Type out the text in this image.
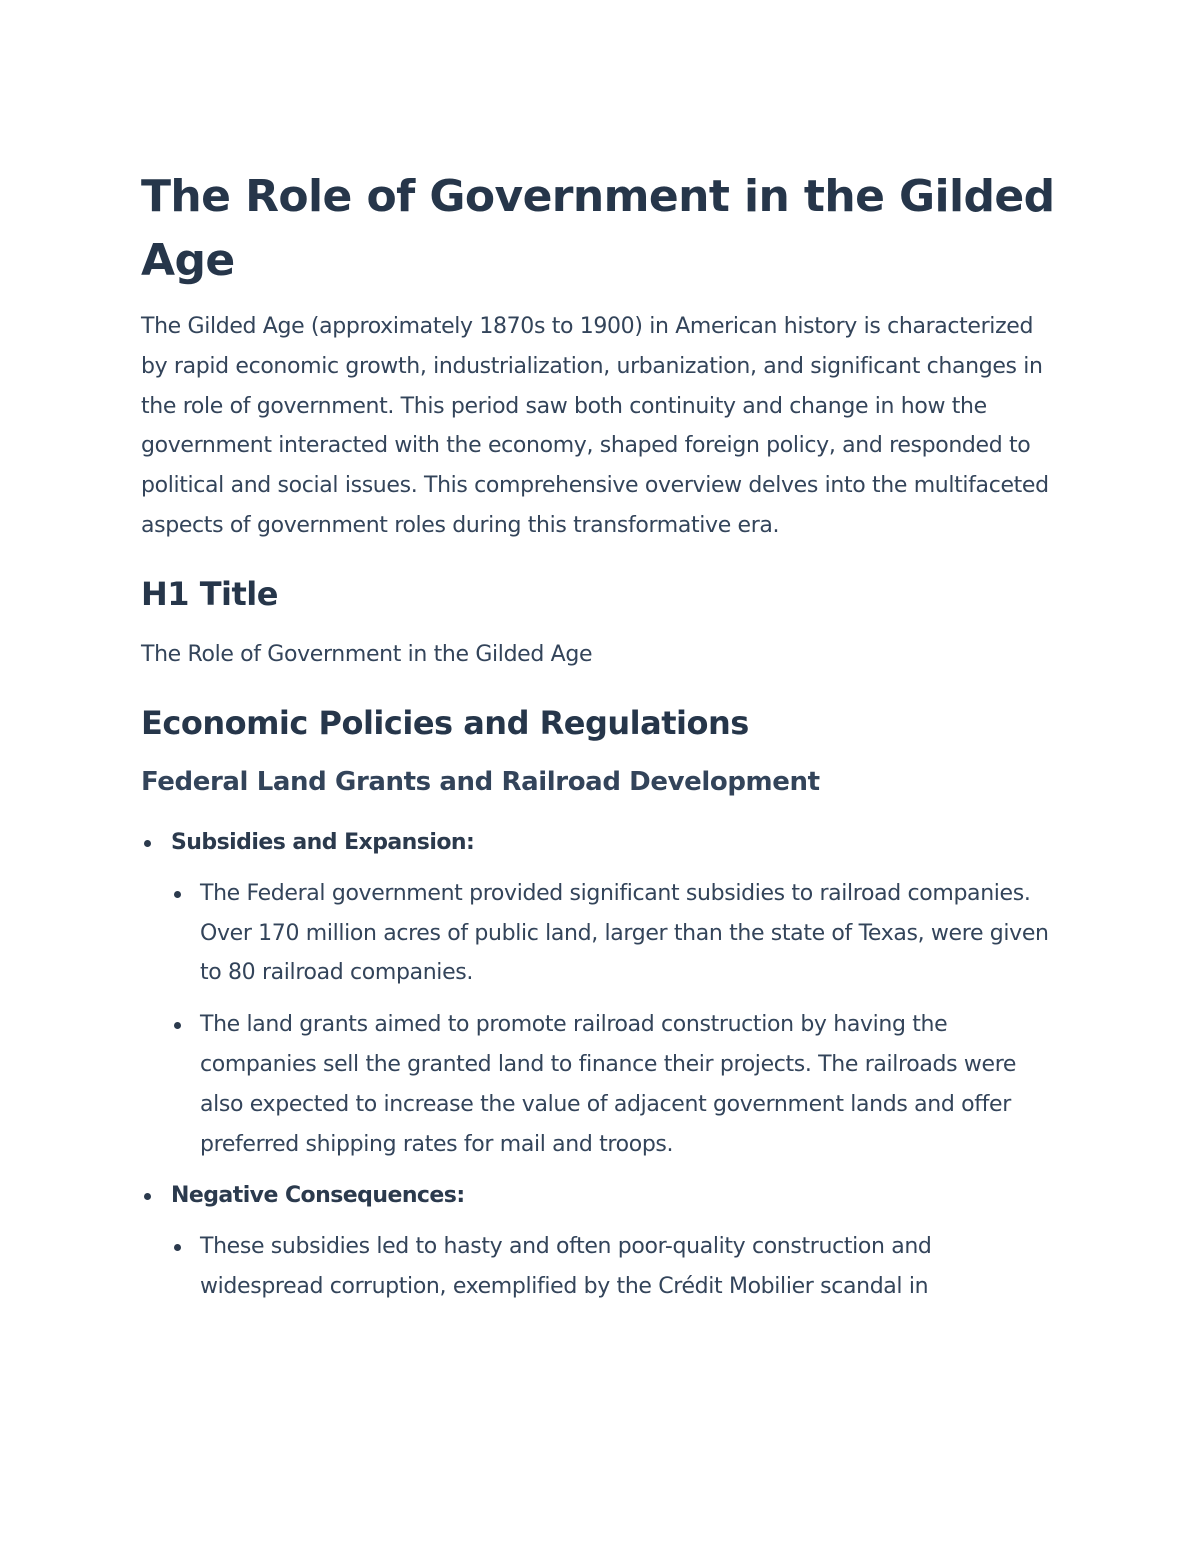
The Role of Government in the Gilded Age

The Gilded Age (approximately 1870s to 1900) in American history is characterized by rapid economic growth, industrialization, urbanization, and significant changes in the role of government. This period saw both continuity and change in how the government interacted with the economy, shaped foreign policy, and responded to political and social issues. This comprehensive overview delves into the multifaceted aspects of government roles during this transformative era.

H1 Title

The Role of Government in the Gilded Age

Economic Policies and Regulations
Federal Land Grants and Railroad Development
Subsidies and Expansion:
The Federal government provided significant subsidies to railroad companies. Over 170 million acres of public land, larger than the state of Texas, were given to 80 railroad companies.
The land grants aimed to promote railroad construction by having the companies sell the granted land to finance their projects. The railroads were also expected to increase the value of adjacent government lands and offer preferred shipping rates for mail and troops.
Negative Consequences:
These subsidies led to hasty and often poor-quality construction and widespread corruption, exemplified by the Crédit Mobilier scandal in
